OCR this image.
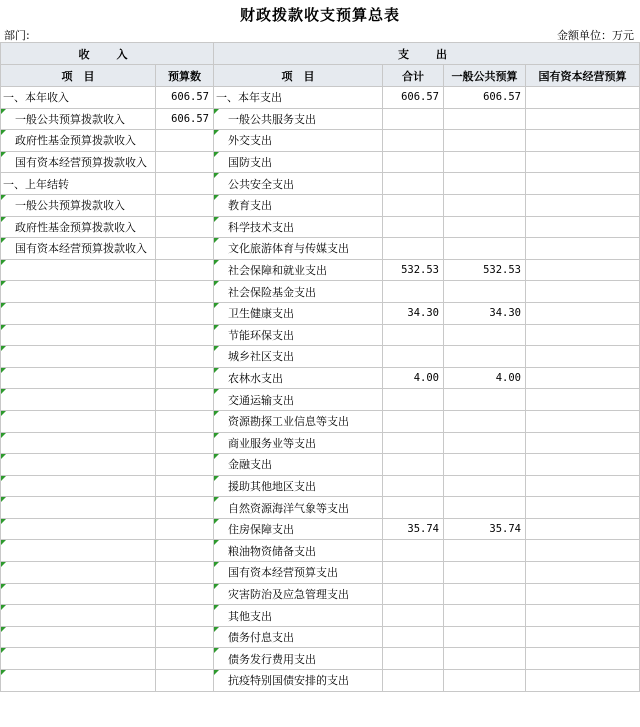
财政拨款收支预算总表
部门:	金额单位：万元
收　入		支　出			
项　目	预算数	项　目	合计	一般公共预算	国有资本经营预算
一、本年收入	606.57	一、本年支出	606.57	606.57	
一般公共预算拨款收入	606.57	一般公共服务支出			
政府性基金预算拨款收入		外交支出			
国有资本经营预算拨款收入		国防支出			
一、上年结转		公共安全支出			
一般公共预算拨款收入		教育支出			
政府性基金预算拨款收入		科学技术支出			
国有资本经营预算拨款收入		文化旅游体育与传媒支出			
		社会保障和就业支出	532.53	532.53	
		社会保险基金支出			
		卫生健康支出	34.30	34.30	
		节能环保支出			
		城乡社区支出			
		农林水支出	4.00	4.00	
		交通运输支出			
		资源勘探工业信息等支出			
		商业服务业等支出			
		金融支出			
		援助其他地区支出			
		自然资源海洋气象等支出			
		住房保障支出	35.74	35.74	
		粮油物资储备支出			
		国有资本经营预算支出			
		灾害防治及应急管理支出			
		其他支出			
		债务付息支出			
		债务发行费用支出			
		抗疫特别国债安排的支出			
